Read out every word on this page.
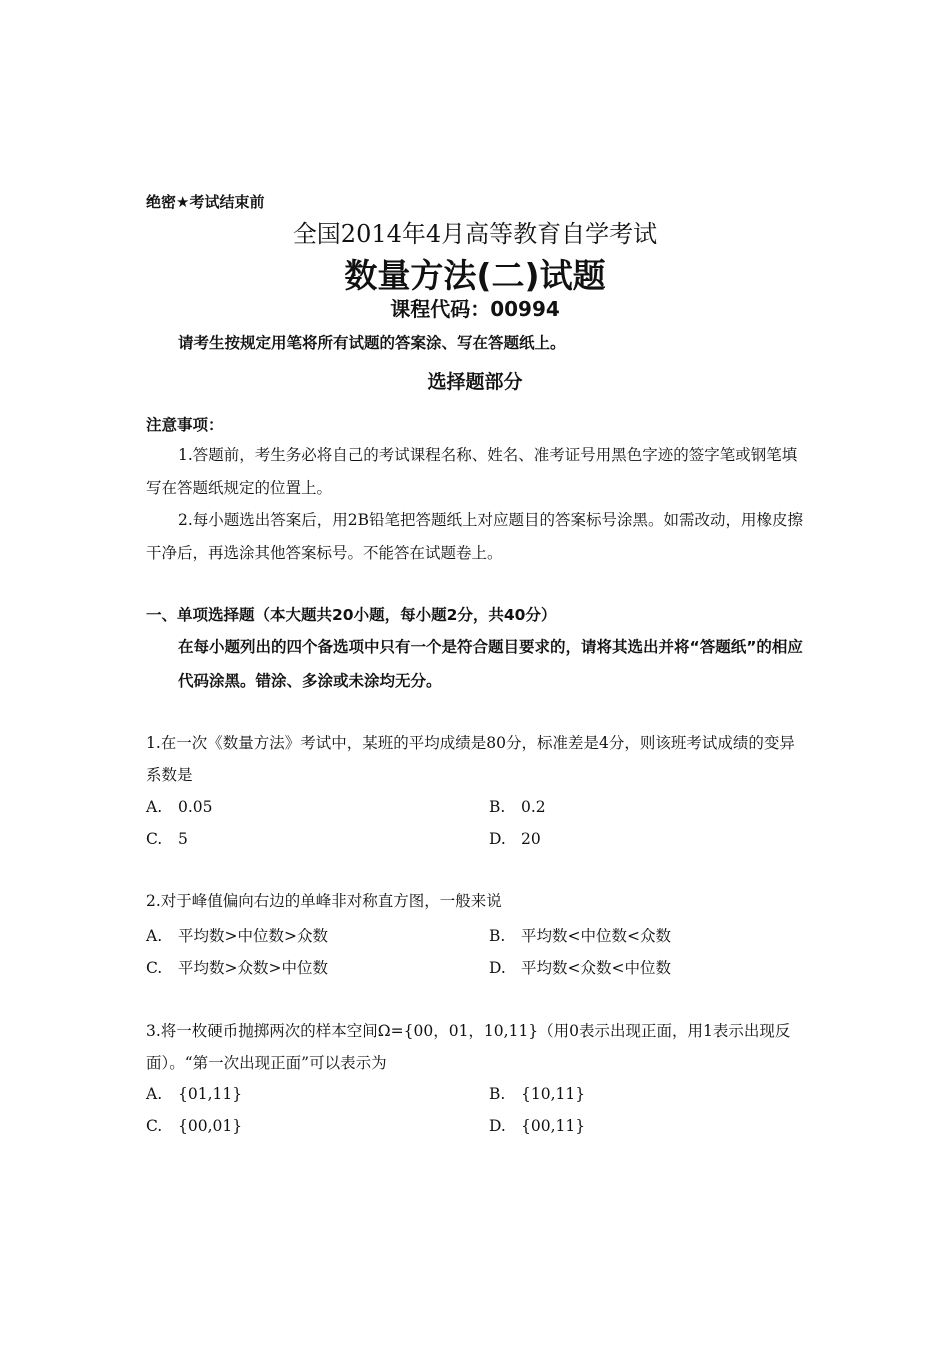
绝密★考试结束前
全国2014年4月高等教育自学考试
数量方法(二)试题
课程代码：00994
请考生按规定用笔将所有试题的答案涂、写在答题纸上。
选择题部分
注意事项：
1.答题前，考生务必将自己的考试课程名称、姓名、准考证号用黑色字迹的签字笔或钢笔填写在答题纸规定的位置上。
2.每小题选出答案后，用2B铅笔把答题纸上对应题目的答案标号涂黑。如需改动，用橡皮擦干净后，再选涂其他答案标号。不能答在试题卷上。
一、单项选择题（本大题共20小题，每小题2分，共40分）
在每小题列出的四个备选项中只有一个是符合题目要求的，请将其选出并将“答题纸”的相应代码涂黑。错涂、多涂或未涂均无分。
1.在一次《数量方法》考试中，某班的平均成绩是80分，标准差是4分，则该班考试成绩的变异系数是
A. 0.05	B. 0.2
C. 5	D. 20
2.对于峰值偏向右边的单峰非对称直方图，一般来说
A. 平均数>中位数>众数	B. 平均数<中位数<众数
C. 平均数>众数>中位数	D. 平均数<众数<中位数
3.将一枚硬币抛掷两次的样本空间Ω={00，01，10,11}（用0表示出现正面，用1表示出现反面）。“第一次出现正面”可以表示为
A. {01,11}	B. {10,11}
C. {00,01}	D. {00,11}
